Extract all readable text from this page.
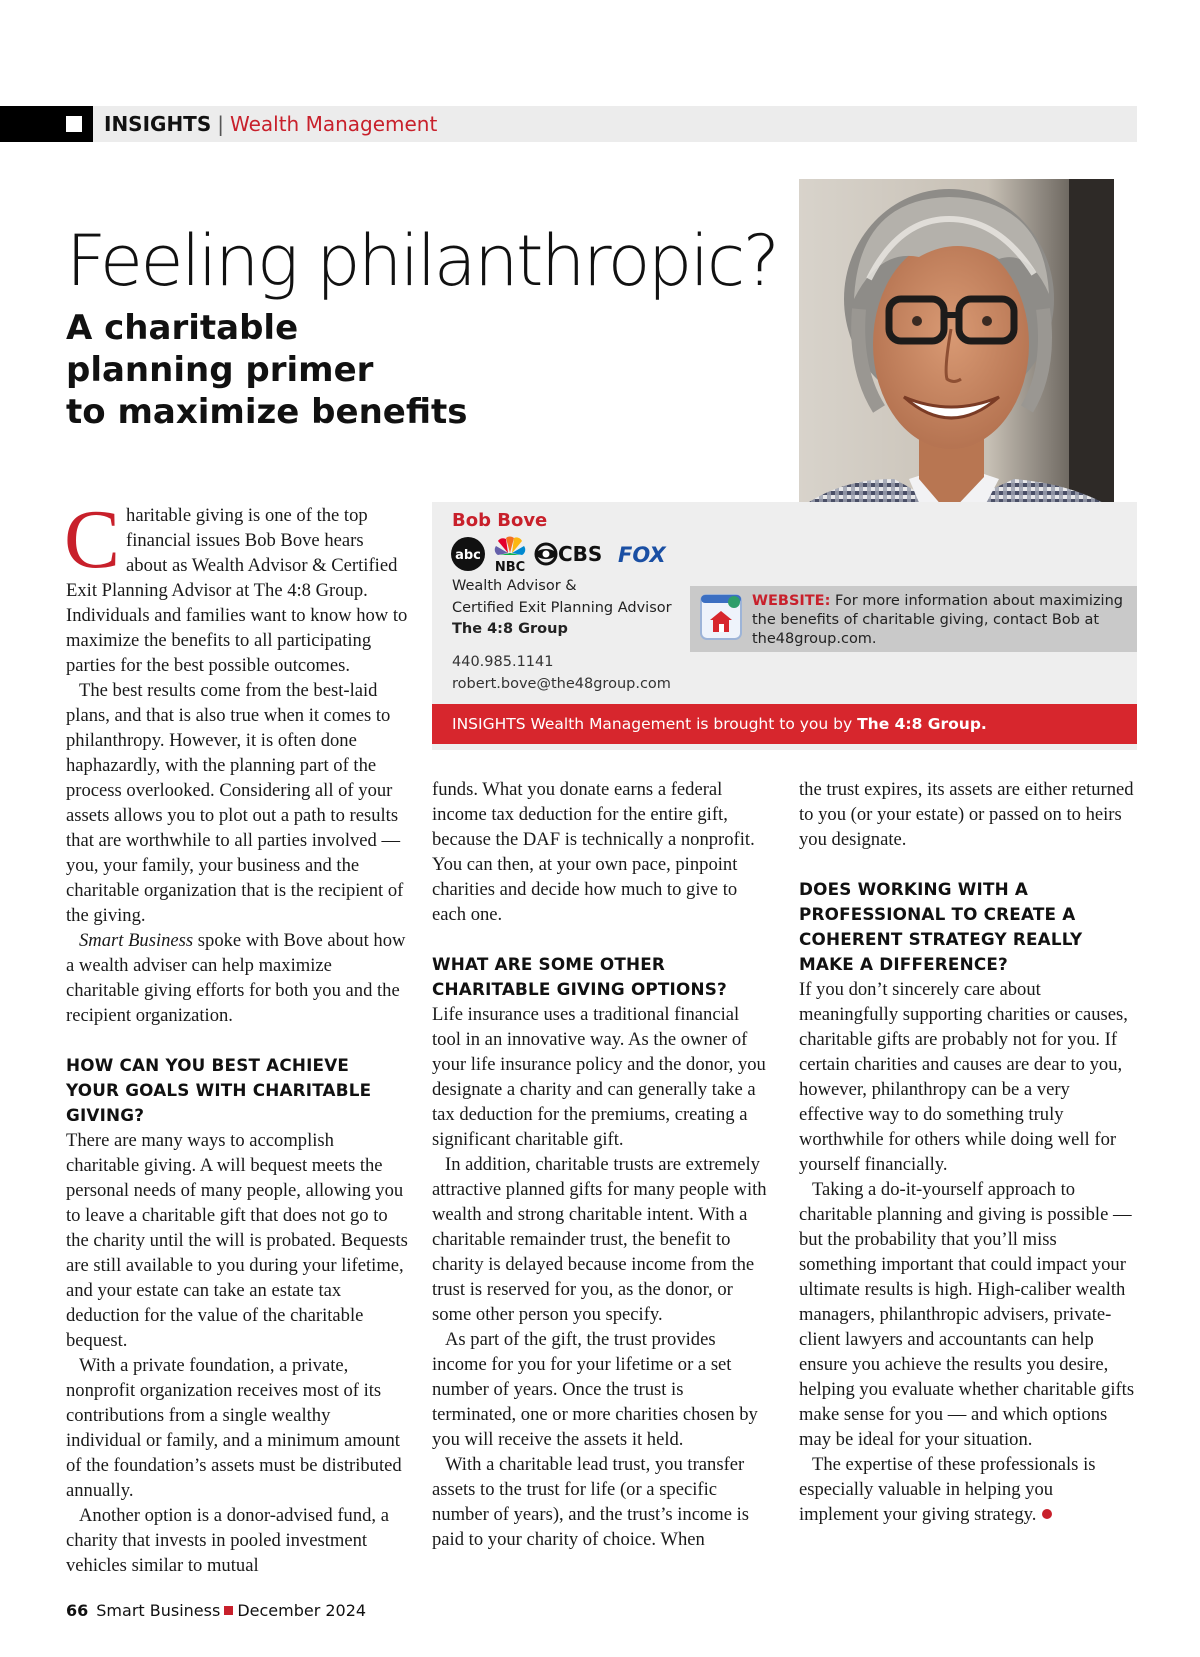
INSIGHTS | Wealth Management
Feeling philanthropic?
A charitable
planning primer
to maximize benefits
Bob Bove
abc
NBC
CBS FOX
Wealth Advisor &
Certified Exit Planning Advisor
The 4:8 Group
440.985.1141
robert.bove@the48group.com
WEBSITE: For more information about maximizing the benefits of charitable giving, contact Bob at the48group.com.
INSIGHTS Wealth Management is brought to you by The 4:8 Group.

Charitable giving is one of the top financial issues Bob Bove hears about as Wealth Advisor & Certified Exit Planning Advisor at The 4:8 Group. Individuals and families want to know how to maximize the benefits to all participating parties for the best possible outcomes.

The best results come from the best-laid plans, and that is also true when it comes to philanthropy. However, it is often done haphazardly, with the planning part of the process overlooked. Considering all of your assets allows you to plot out a path to results that are worthwhile to all parties involved — you, your family, your business and the charitable organization that is the recipient of the giving.

Smart Business spoke with Bove about how a wealth adviser can help maximize charitable giving efforts for both you and the recipient organization.

HOW CAN YOU BEST ACHIEVE YOUR GOALS WITH CHARITABLE GIVING?

There are many ways to accomplish charitable giving. A will bequest meets the personal needs of many people, allowing you to leave a charitable gift that does not go to the charity until the will is probated. Bequests are still available to you during your lifetime, and your estate can take an estate tax deduction for the value of the charitable bequest.

With a private foundation, a private, nonprofit organization receives most of its contributions from a single wealthy individual or family, and a minimum amount of the foundation’s assets must be distributed annually.

Another option is a donor-advised fund, a charity that invests in pooled investment vehicles similar to mutual

funds. What you donate earns a federal income tax deduction for the entire gift, because the DAF is technically a nonprofit. You can then, at your own pace, pinpoint charities and decide how much to give to each one.

WHAT ARE SOME OTHER CHARITABLE GIVING OPTIONS?

Life insurance uses a traditional financial tool in an innovative way. As the owner of your life insurance policy and the donor, you designate a charity and can generally take a tax deduction for the premiums, creating a significant charitable gift.

In addition, charitable trusts are extremely attractive planned gifts for many people with wealth and strong charitable intent. With a charitable remainder trust, the benefit to charity is delayed because income from the trust is reserved for you, as the donor, or some other person you specify.

As part of the gift, the trust provides income for you for your lifetime or a set number of years. Once the trust is terminated, one or more charities chosen by you will receive the assets it held.

With a charitable lead trust, you transfer assets to the trust for life (or a specific number of years), and the trust’s income is paid to your charity of choice. When

the trust expires, its assets are either returned to you (or your estate) or passed on to heirs you designate.

DOES WORKING WITH A PROFESSIONAL TO CREATE A COHERENT STRATEGY REALLY MAKE A DIFFERENCE?

If you don’t sincerely care about meaningfully supporting charities or causes, charitable gifts are probably not for you. If certain charities and causes are dear to you, however, philanthropy can be a very effective way to do something truly worthwhile for others while doing well for yourself financially.

Taking a do-it-yourself approach to charitable planning and giving is possible — but the probability that you’ll miss something important that could impact your ultimate results is high. High-caliber wealth managers, philanthropic advisers, private-client lawyers and accountants can help ensure you achieve the results you desire, helping you evaluate whether charitable gifts make sense for you — and which options may be ideal for your situation.

The expertise of these professionals is especially valuable in helping you implement your giving strategy.

66 Smart Business December 2024
